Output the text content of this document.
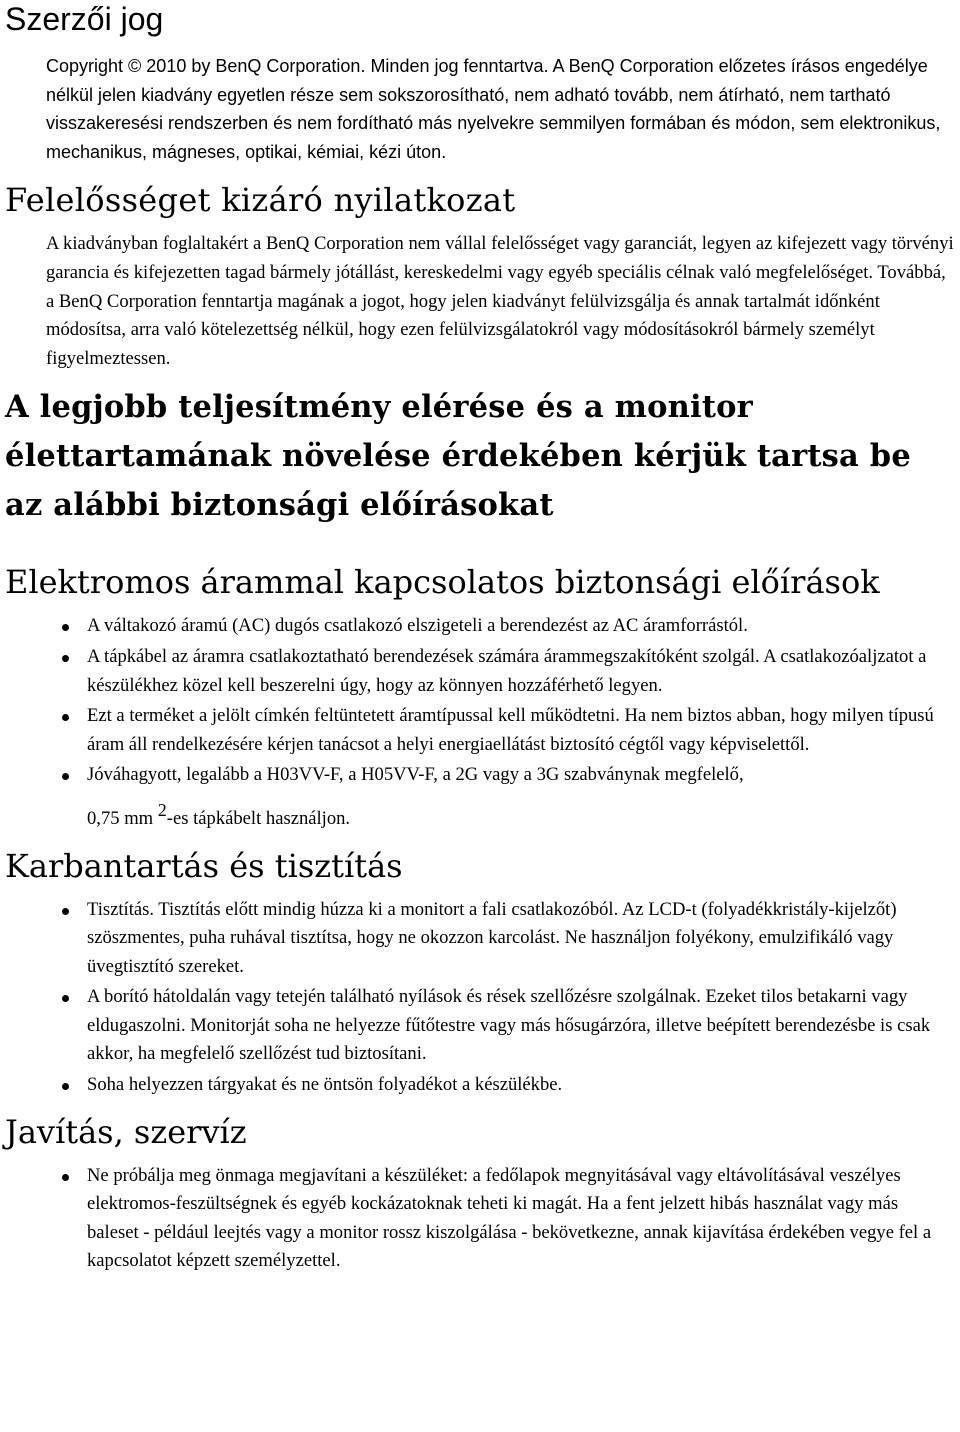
Szerzői jog

Copyright © 2010 by BenQ Corporation. Minden jog fenntartva. A BenQ Corporation előzetes írásos engedélye nélkül jelen kiadvány egyetlen része sem sokszorosítható, nem adható tovább, nem átírható, nem tartható visszakeresési rendszerben és nem fordítható más nyelvekre semmilyen formában és módon, sem elektronikus, mechanikus, mágneses, optikai, kémiai, kézi úton.

Felelősséget kizáró nyilatkozat

A kiadványban foglaltakért a BenQ Corporation nem vállal felelősséget vagy garanciát, legyen az kifejezett vagy törvényi garancia és kifejezetten tagad bármely jótállást, kereskedelmi vagy egyéb speciális célnak való megfelelőséget. Továbbá, a BenQ Corporation fenntartja magának a jogot, hogy jelen kiadványt felülvizsgálja és annak tartalmát időnként módosítsa, arra való kötelezettség nélkül, hogy ezen felülvizsgálatokról vagy módosításokról bármely személyt figyelmeztessen.

A legjobb teljesítmény elérése és a monitor élettartamának növelése érdekében kérjük tartsa be az alábbi biztonsági előírásokat
Elektromos árammal kapcsolatos biztonsági előírások
A váltakozó áramú (AC) dugós csatlakozó elszigeteli a berendezést az AC áramforrástól.
A tápkábel az áramra csatlakoztatható berendezések számára árammegszakítóként szolgál. A csatlakozóaljzatot a készülékhez közel kell beszerelni úgy, hogy az könnyen hozzáférhető legyen.
Ezt a terméket a jelölt címkén feltüntetett áramtípussal kell működtetni. Ha nem biztos abban, hogy milyen típusú áram áll rendelkezésére kérjen tanácsot a helyi energiaellátást biztosító cégtől vagy képviselettől.
Jóváhagyott, legalább a H03VV-F, a H05VV-F, a 2G vagy a 3G szabványnak megfelelő,
0,75 mm $^2$-es tápkábelt használjon.
Karbantartás és tisztítás
Tisztítás. Tisztítás előtt mindig húzza ki a monitort a fali csatlakozóból. Az LCD-t (folyadékkristály-kijelzőt) szöszmentes, puha ruhával tisztítsa, hogy ne okozzon karcolást. Ne használjon folyékony, emulzifikáló vagy üvegtisztító szereket.
A borító hátoldalán vagy tetején található nyílások és rések szellőzésre szolgálnak. Ezeket tilos betakarni vagy eldugaszolni. Monitorját soha ne helyezze fűtőtestre vagy más hősugárzóra, illetve beépített berendezésbe is csak akkor, ha megfelelő szellőzést tud biztosítani.
Soha helyezzen tárgyakat és ne öntsön folyadékot a készülékbe.
Javítás, szervíz
Ne próbálja meg önmaga megjavítani a készüléket: a fedőlapok megnyitásával vagy eltávolításával veszélyes elektromos-feszültségnek és egyéb kockázatoknak teheti ki magát. Ha a fent jelzett hibás használat vagy más baleset - például leejtés vagy a monitor rossz kiszolgálása - bekövetkezne, annak kijavítása érdekében vegye fel a kapcsolatot képzett személyzettel.
